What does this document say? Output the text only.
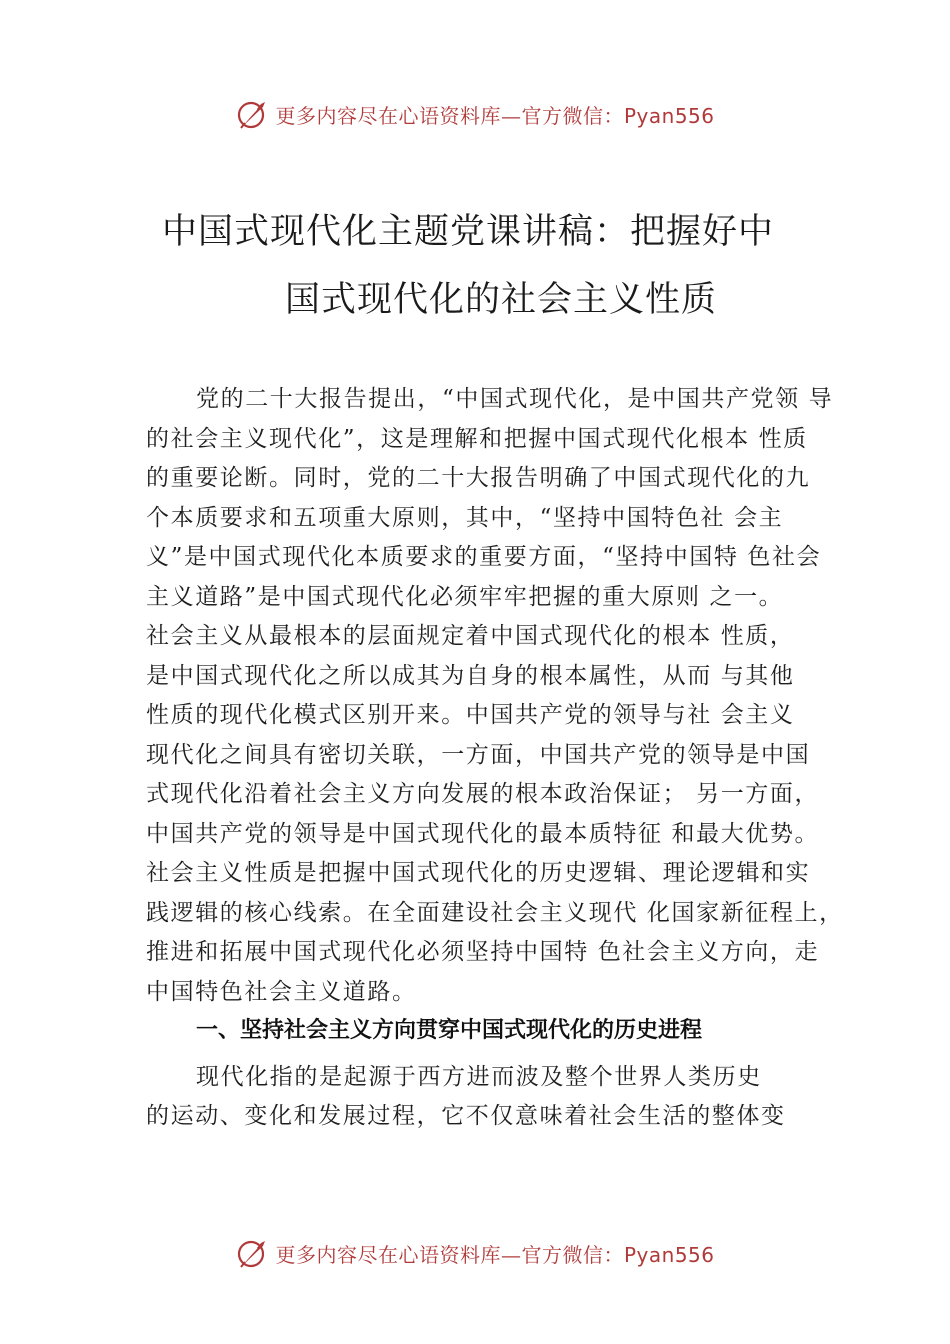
更多内容尽在心语资料库—官方微信：Pyan556
中国式现代化主题党课讲稿：把握好中
国式现代化的社会主义性质
党的二十大报告提出，“中国式现代化，是中国共产党领 导
的社会主义现代化”，这是理解和把握中国式现代化根本 性质
的重要论断。同时，党的二十大报告明确了中国式现代化的九
个本质要求和五项重大原则，其中，“坚持中国特色社 会主
义”是中国式现代化本质要求的重要方面，“坚持中国特 色社会
主义道路”是中国式现代化必须牢牢把握的重大原则 之一。
社会主义从最根本的层面规定着中国式现代化的根本 性质，
是中国式现代化之所以成其为自身的根本属性，从而 与其他
性质的现代化模式区别开来。中国共产党的领导与社 会主义
现代化之间具有密切关联，一方面，中国共产党的领导是中国
式现代化沿着社会主义方向发展的根本政治保证； 另一方面，
中国共产党的领导是中国式现代化的最本质特征 和最大优势。
社会主义性质是把握中国式现代化的历史逻辑、理论逻辑和实
践逻辑的核心线索。在全面建设社会主义现代 化国家新征程上，
推进和拓展中国式现代化必须坚持中国特 色社会主义方向，走
中国特色社会主义道路。
一、坚持社会主义方向贯穿中国式现代化的历史进程
现代化指的是起源于西方进而波及整个世界人类历史
的运动、变化和发展过程，它不仅意味着社会生活的整体变
更多内容尽在心语资料库—官方微信：Pyan556
